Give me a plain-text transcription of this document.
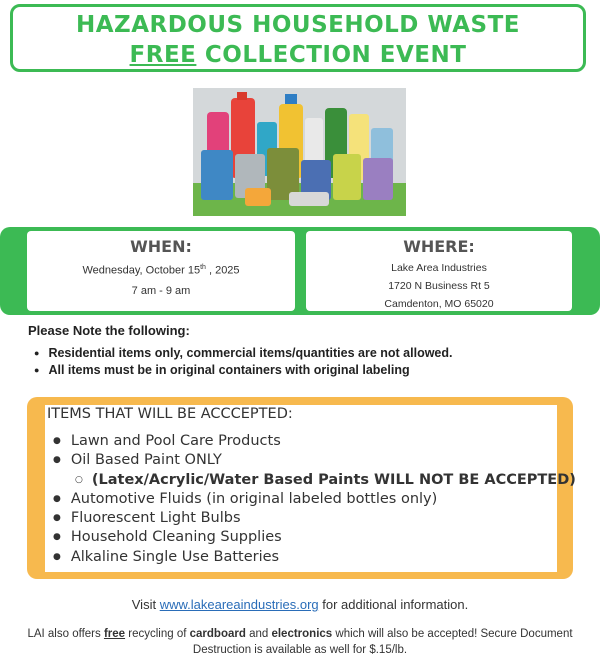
HAZARDOUS HOUSEHOLD WASTE
FREE COLLECTION EVENT
WHEN:
Wednesday, October 15th , 2025
7 am - 9 am
WHERE:
Lake Area Industries
1720 N Business Rt 5
Camdenton, MO 65020
Please Note the following:
● Residential items only, commercial items/quantities are not allowed.
● All items must be in original containers with original labeling
ITEMS THAT WILL BE ACCCEPTED:
● Lawn and Pool Care Products
● Oil Based Paint ONLY
○ (Latex/Acrylic/Water Based Paints WILL NOT BE ACCEPTED)
● Automotive Fluids (in original labeled bottles only)
● Fluorescent Light Bulbs
● Household Cleaning Supplies
● Alkaline Single Use Batteries
Visit www.lakeareaindustries.org for additional information.
LAI also offers free recycling of cardboard and electronics which will also be accepted! Secure Document Destruction is available as well for $.15/lb.
